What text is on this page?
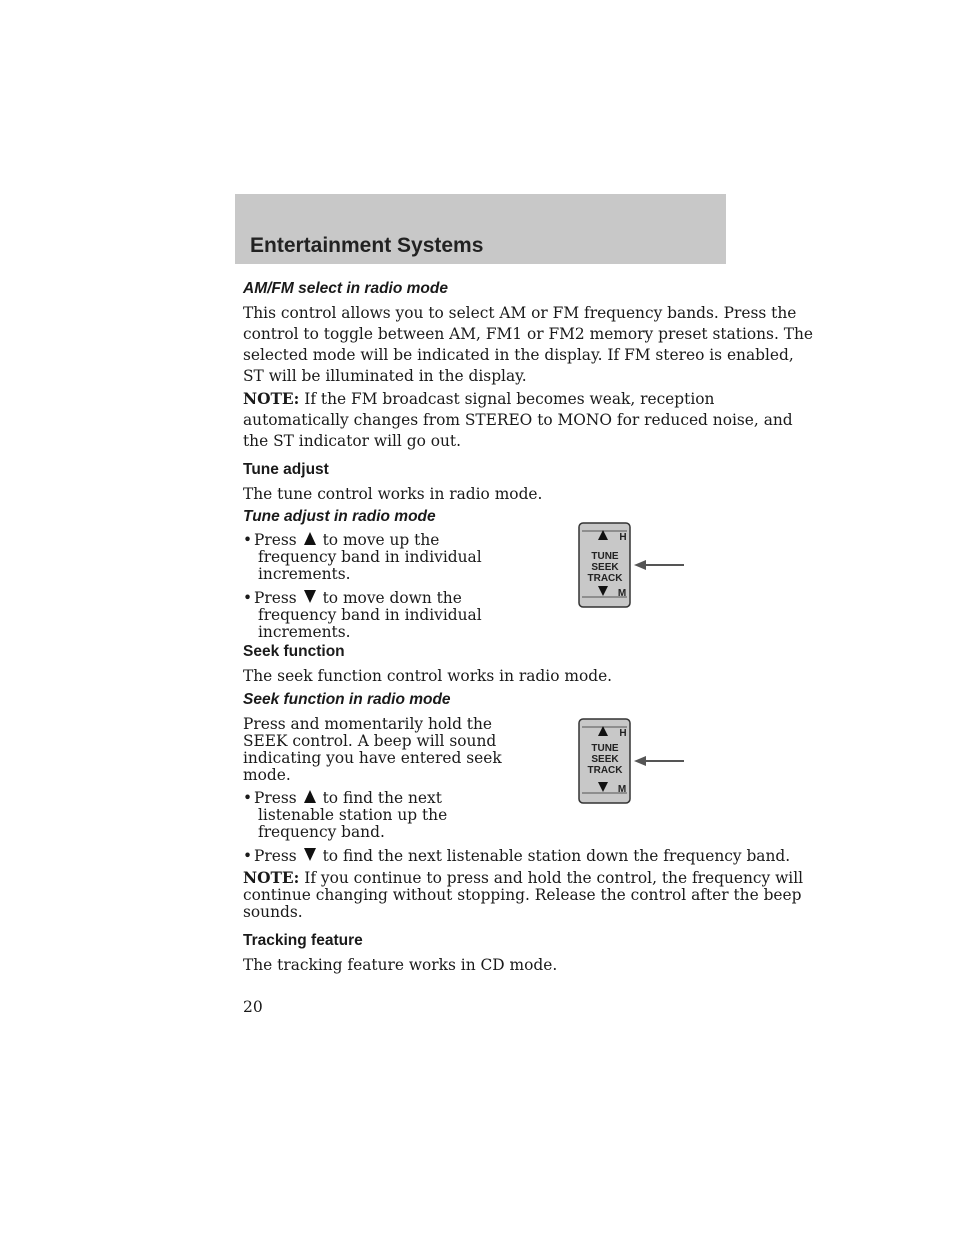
Entertainment Systems
AM/FM select in radio mode
This control allows you to select AM or FM frequency bands. Press the
control to toggle between AM, FM1 or FM2 memory preset stations. The
selected mode will be indicated in the display. If FM stereo is enabled,
ST will be illuminated in the display.
NOTE: If the FM broadcast signal becomes weak, reception
automatically changes from STEREO to MONO for reduced noise, and
the ST indicator will go out.
Tune adjust
The tune control works in radio mode.
Tune adjust in radio mode
• Press to move up the
frequency band in individual
increments.
• Press to move down the
frequency band in individual
increments.
H
M
TUNE
SEEK
TRACK
Seek function
The seek function control works in radio mode.
Seek function in radio mode
Press and momentarily hold the
SEEK control. A beep will sound
indicating you have entered seek
mode.
• Press to find the next
listenable station up the
frequency band.
• Press to find the next listenable station down the frequency band.
H
M
TUNE
SEEK
TRACK
NOTE: If you continue to press and hold the control, the frequency will
continue changing without stopping. Release the control after the beep
sounds.
Tracking feature
The tracking feature works in CD mode.
20
